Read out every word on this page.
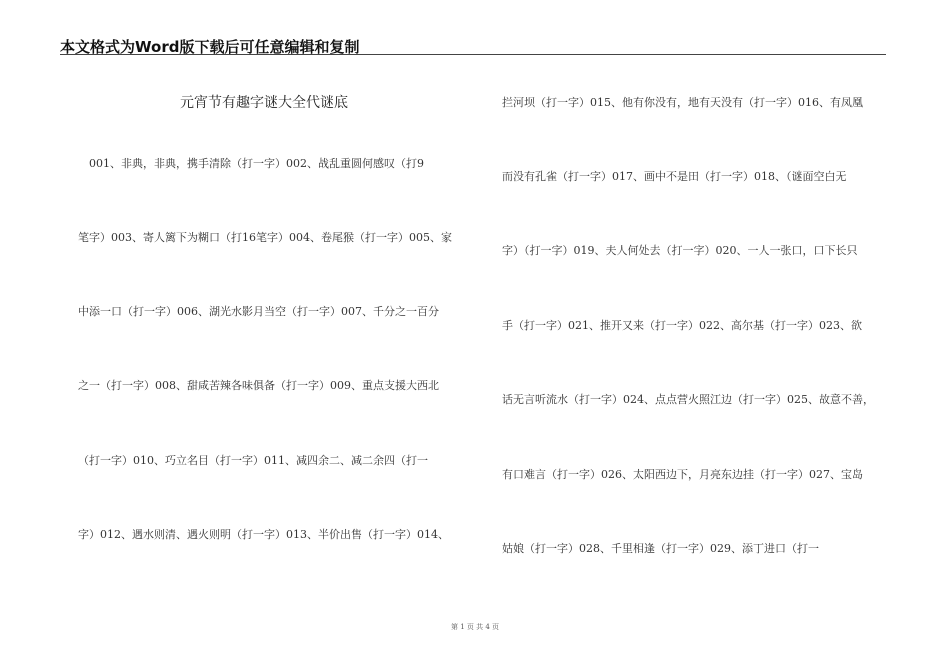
本文格式为Word版下载后可任意编辑和复制
元宵节有趣字谜大全代谜底
　001、非典，非典，携手清除（打一字）002、战乱重圆何感叹（打9
笔字）003、寄人篱下为糊口（打16笔字）004、卷尾猴（打一字）005、家
中添一口（打一字）006、湖光水影月当空（打一字）007、千分之一百分
之一（打一字）008、甜咸苦辣各味俱备（打一字）009、重点支援大西北
（打一字）010、巧立名目（打一字）011、减四余二、减二余四（打一
字）012、遇水则清、遇火则明（打一字）013、半价出售（打一字）014、
拦河坝（打一字）015、他有你没有，地有天没有（打一字）016、有凤凰
而没有孔雀（打一字）017、画中不是田（打一字）018、（谜面空白无
字）（打一字）019、夫人何处去（打一字）020、一人一张口，口下长只
手（打一字）021、推开又来（打一字）022、高尔基（打一字）023、欲
话无言听流水（打一字）024、点点营火照江边（打一字）025、故意不善，
有口难言（打一字）026、太阳西边下，月亮东边挂（打一字）027、宝岛
姑娘（打一字）028、千里相逢（打一字）029、添丁进口（打一
第 1 页 共 4 页
